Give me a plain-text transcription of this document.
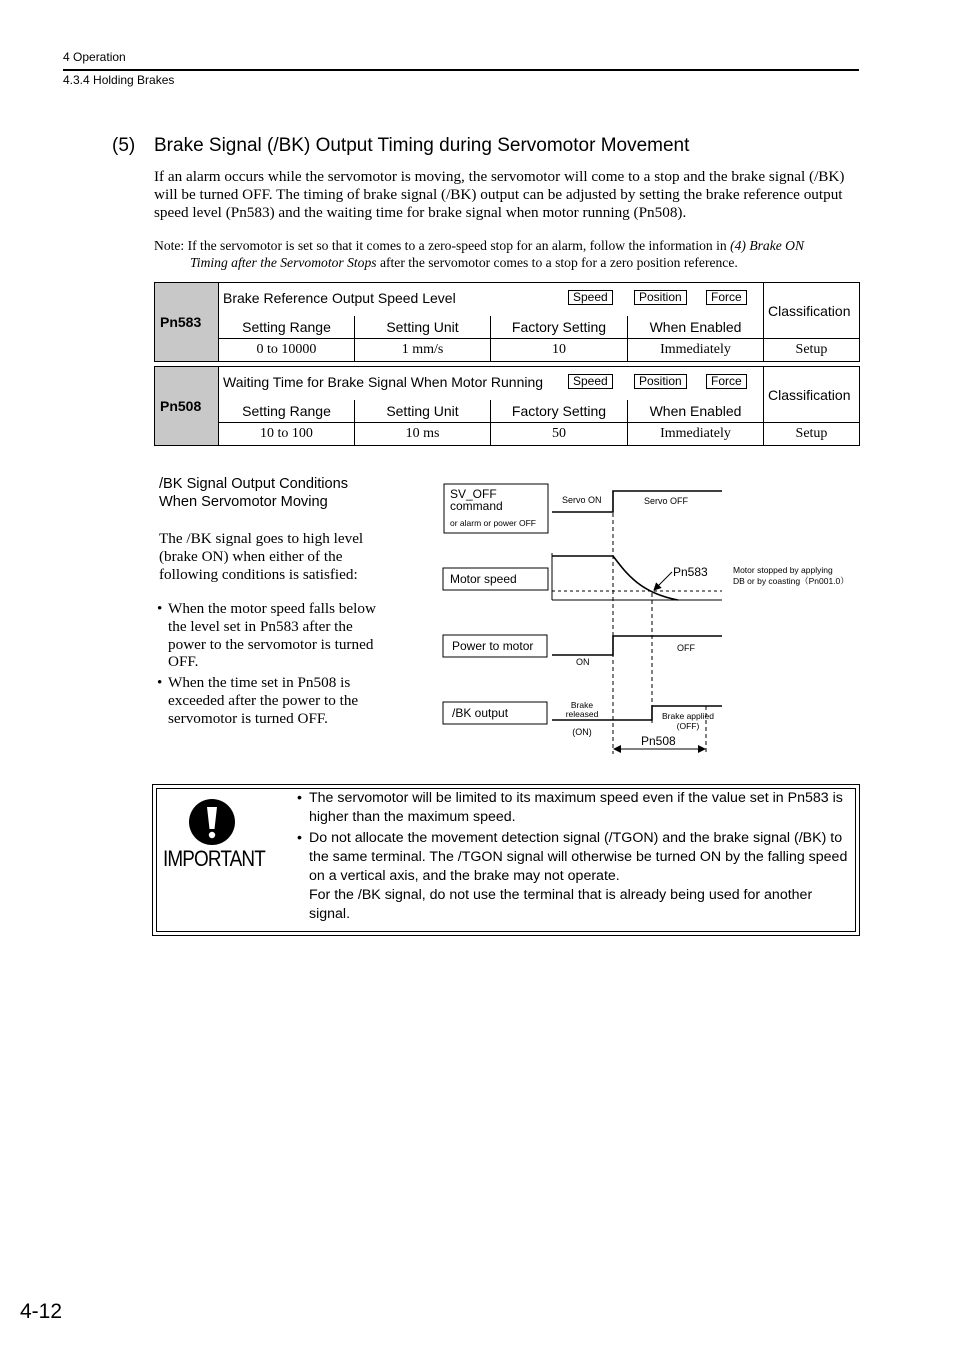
4 Operation
4.3.4 Holding Brakes
(5) Brake Signal (/BK) Output Timing during Servomotor Movement
If an alarm occurs while the servomotor is moving, the servomotor will come to a stop and the brake signal (/BK) will be turned OFF. The timing of brake signal (/BK) output can be adjusted by setting the brake reference output speed level (Pn583) and the waiting time for brake signal when motor running (Pn508).
Note: If the servomotor is set so that it comes to a zero-speed stop for an alarm, follow the information in (4) Brake ON
Timing after the Servomotor Stops after the servomotor comes to a stop for a zero position reference.
Pn583	Brake Reference Output Speed Level Speed Position Force				Classification
	Setting Range	Setting Unit	Factory Setting	When Enabled	
	0 to 10000	1 mm/s	10	Immediately	Setup
Pn508	Waiting Time for Brake Signal When Motor Running Speed Position Force				Classification
	Setting Range	Setting Unit	Factory Setting	When Enabled	
	10 to 100	10 ms	50	Immediately	Setup
/BK Signal Output Conditions
When Servomotor Moving
The /BK signal goes to high level (brake ON) when either of the following conditions is satisfied:
• When the motor speed falls below the level set in Pn583 after the power to the servomotor is turned OFF.
• When the time set in Pn508 is exceeded after the power to the servomotor is turned OFF.
SV_OFF
command
or alarm or power OFF
Servo ON	Servo OFF
Motor speed	Pn583	Motor stopped by applying
DB or by coasting（Pn001.0）
Power to motor
ON
OFF
/BK output
Brake
released
(ON)
Brake applied
(OFF)
Pn508
IMPORTANT
• The servomotor will be limited to its maximum speed even if the value set in Pn583 is
higher than the maximum speed.
• Do not allocate the movement detection signal (/TGON) and the brake signal (/BK) to
the same terminal. The /TGON signal will otherwise be turned ON by the falling speed
on a vertical axis, and the brake may not operate.
For the /BK signal, do not use the terminal that is already being used for another
signal.
4-12
